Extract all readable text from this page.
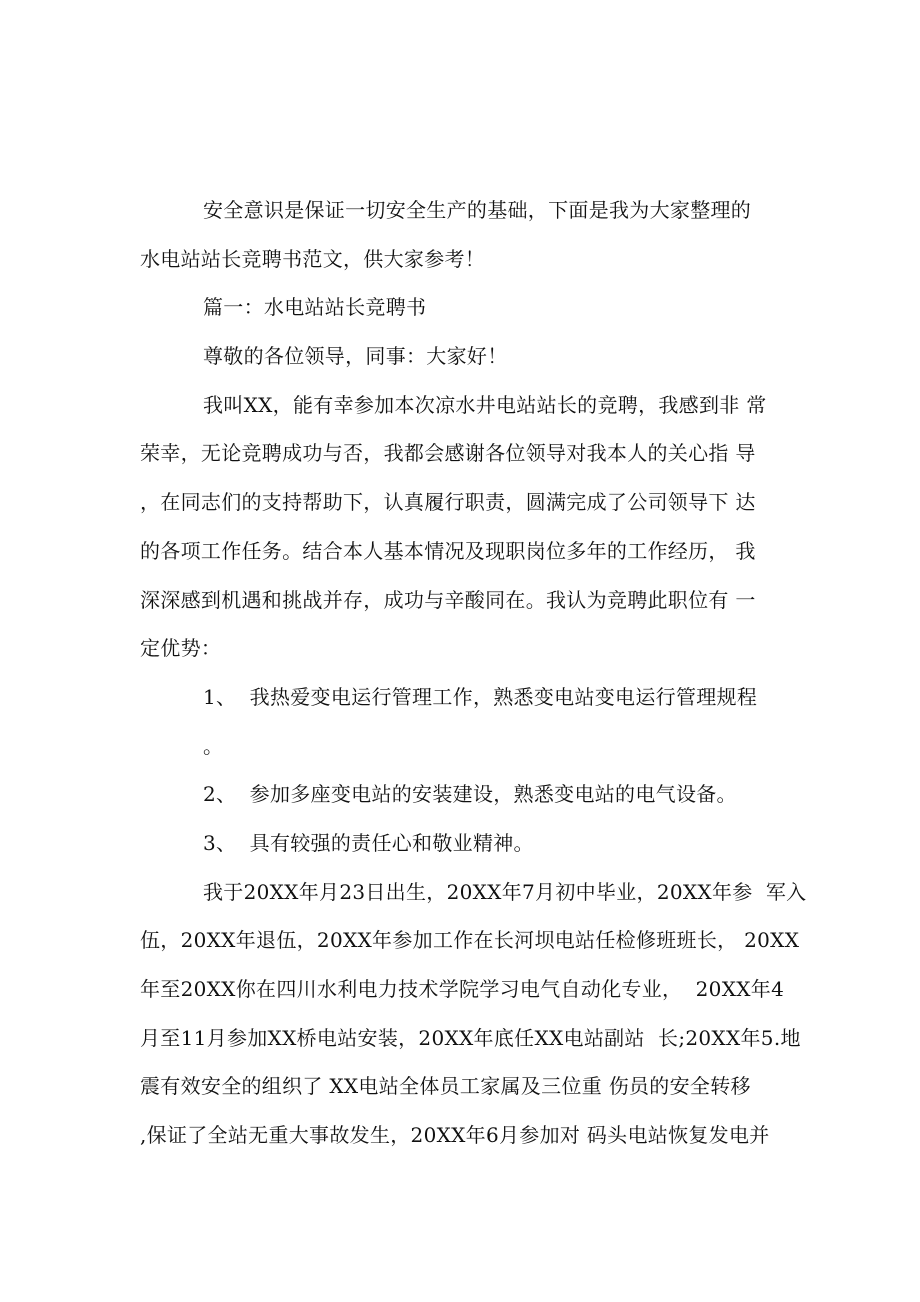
安全意识是保证一切安全生产的基础，下面是我为大家整理的
水电站站长竞聘书范文，供大家参考！
篇一：水电站站长竞聘书
尊敬的各位领导，同事：大家好！
我叫XX，能有幸参加本次凉水井电站站长的竞聘，我感到非 常
荣幸，无论竞聘成功与否，我都会感谢各位领导对我本人的关心指 导
，在同志们的支持帮助下，认真履行职责，圆满完成了公司领导下 达
的各项工作任务。结合本人基本情况及现职岗位多年的工作经历， 我
深深感到机遇和挑战并存，成功与辛酸同在。我认为竞聘此职位有 一
定优势：
1、  我热爱变电运行管理工作，熟悉变电站变电运行管理规程
。
2、  参加多座变电站的安装建设，熟悉变电站的电气设备。
3、  具有较强的责任心和敬业精神。
我于20XX年月23日出生，20XX年7月初中毕业，20XX年参  军入
伍，20XX年退伍，20XX年参加工作在长河坝电站任检修班班长， 20XX
年至20XX你在四川水利电力技术学院学习电气自动化专业，  20XX年4
月至11月参加XX桥电站安装，20XX年底任XX电站副站  长;20XX年5.地
震有效安全的组织了 XX电站全体员工家属及三位重 伤员的安全转移
,保证了全站无重大事故发生，20XX年6月参加对 码头电站恢复发电并
